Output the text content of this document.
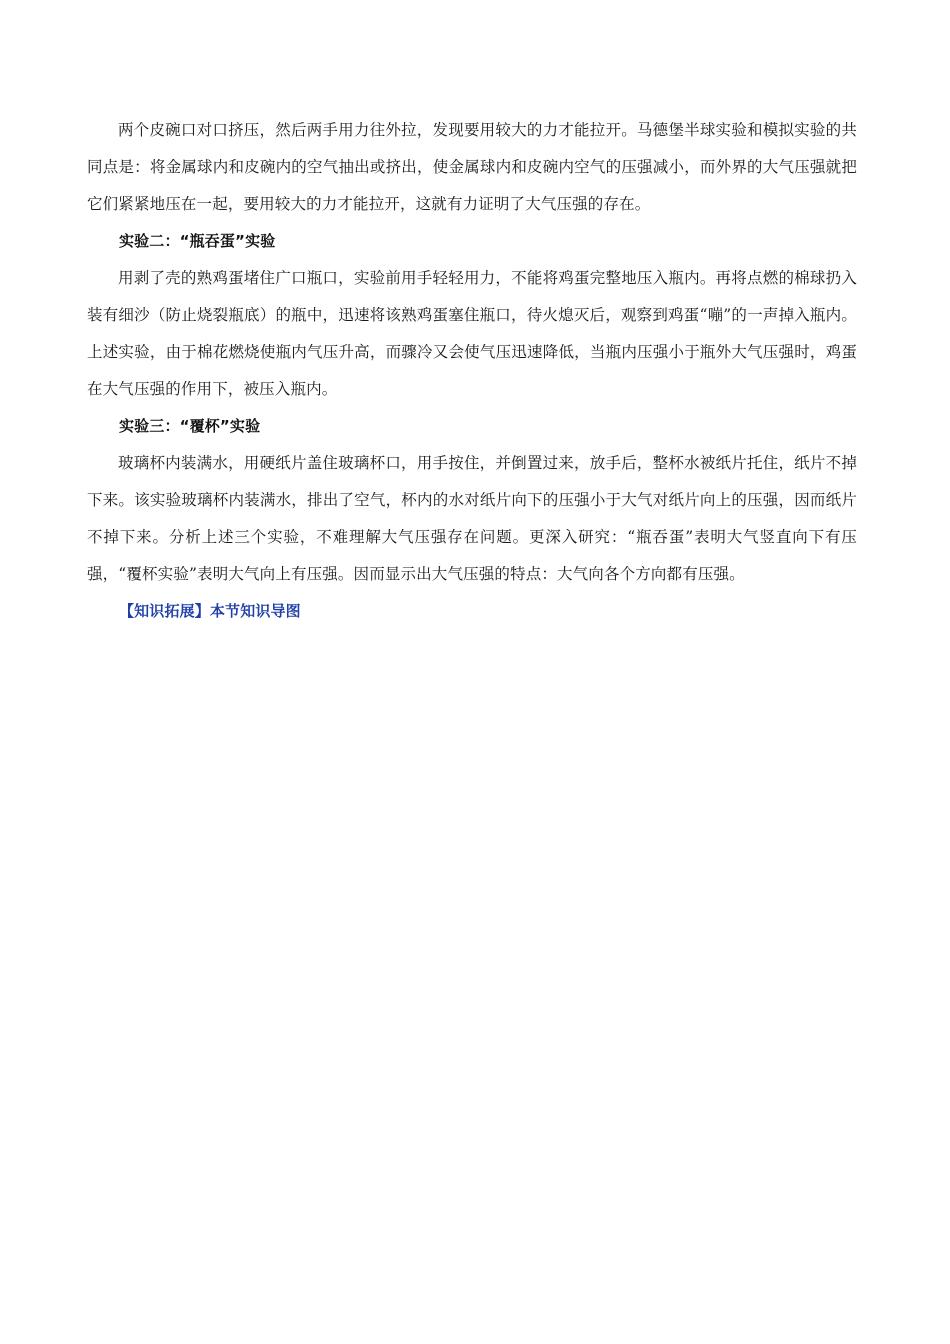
两个皮碗口对口挤压，然后两手用力往外拉，发现要用较大的力才能拉开。马德堡半球实验和模拟实验的共同点是：将金属球内和皮碗内的空气抽出或挤出，使金属球内和皮碗内空气的压强减小，而外界的大气压强就把它们紧紧地压在一起，要用较大的力才能拉开，这就有力证明了大气压强的存在。

实验二：“瓶吞蛋”实验

用剥了壳的熟鸡蛋堵住广口瓶口，实验前用手轻轻用力，不能将鸡蛋完整地压入瓶内。再将点燃的棉球扔入装有细沙（防止烧裂瓶底）的瓶中，迅速将该熟鸡蛋塞住瓶口，待火熄灭后，观察到鸡蛋“嘣”的一声掉入瓶内。上述实验，由于棉花燃烧使瓶内气压升高，而骤冷又会使气压迅速降低，当瓶内压强小于瓶外大气压强时，鸡蛋在大气压强的作用下，被压入瓶内。

实验三：“覆杯”实验

玻璃杯内装满水，用硬纸片盖住玻璃杯口，用手按住，并倒置过来，放手后，整杯水被纸片托住，纸片不掉下来。该实验玻璃杯内装满水，排出了空气，杯内的水对纸片向下的压强小于大气对纸片向上的压强，因而纸片不掉下来。分析上述三个实验，不难理解大气压强存在问题。更深入研究：“瓶吞蛋”表明大气竖直向下有压强，“覆杯实验”表明大气向上有压强。因而显示出大气压强的特点：大气向各个方向都有压强。

【知识拓展】本节知识导图
